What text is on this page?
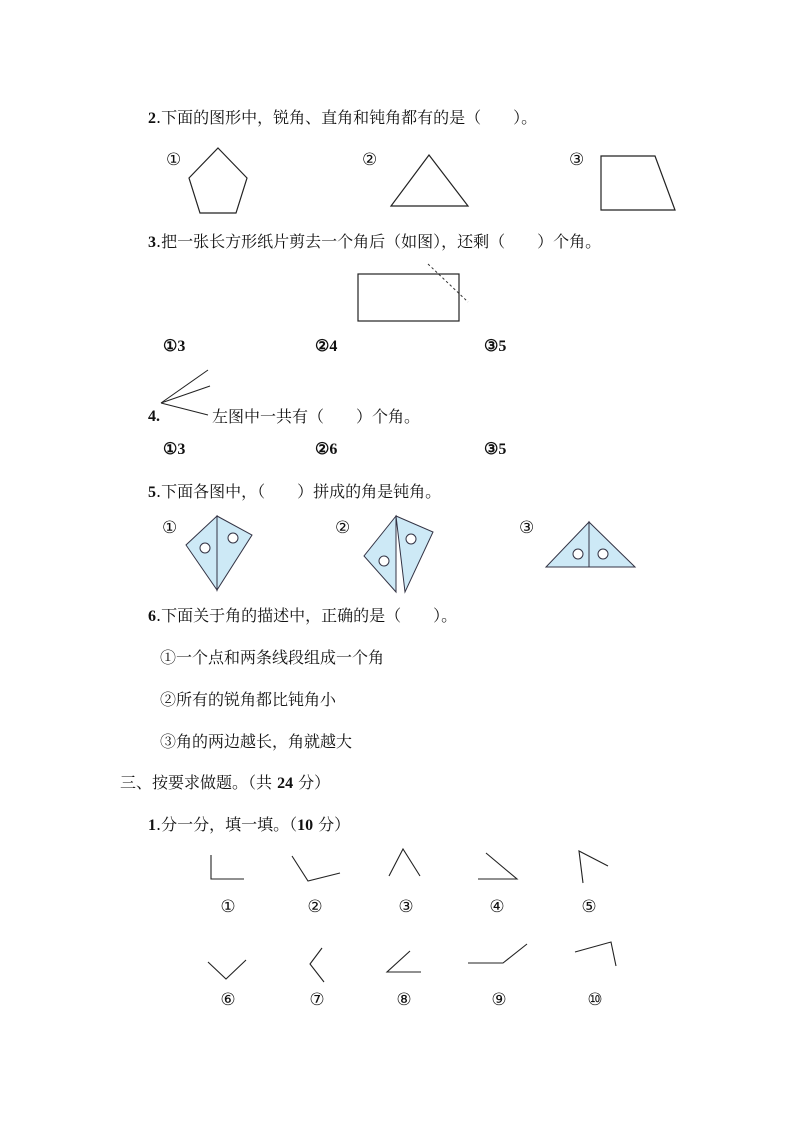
2.下面的图形中，锐角、直角和钝角都有的是（　　）。
①	②	③
3.把一张长方形纸片剪去一个角后（如图），还剩（　　）个角。
①3	②4	③5
4.	左图中一共有（　　）个角。
①3	②6	③5
5.下面各图中，（　　）拼成的角是钝角。
①	②	③
6.下面关于角的描述中，正确的是（　　）。
①一个点和两条线段组成一个角
②所有的锐角都比钝角小
③角的两边越长，角就越大
三、按要求做题。（共 24 分）
1.分一分，填一填。（10 分）
①	②	③	④	⑤
⑥	⑦	⑧	⑨	⑩
